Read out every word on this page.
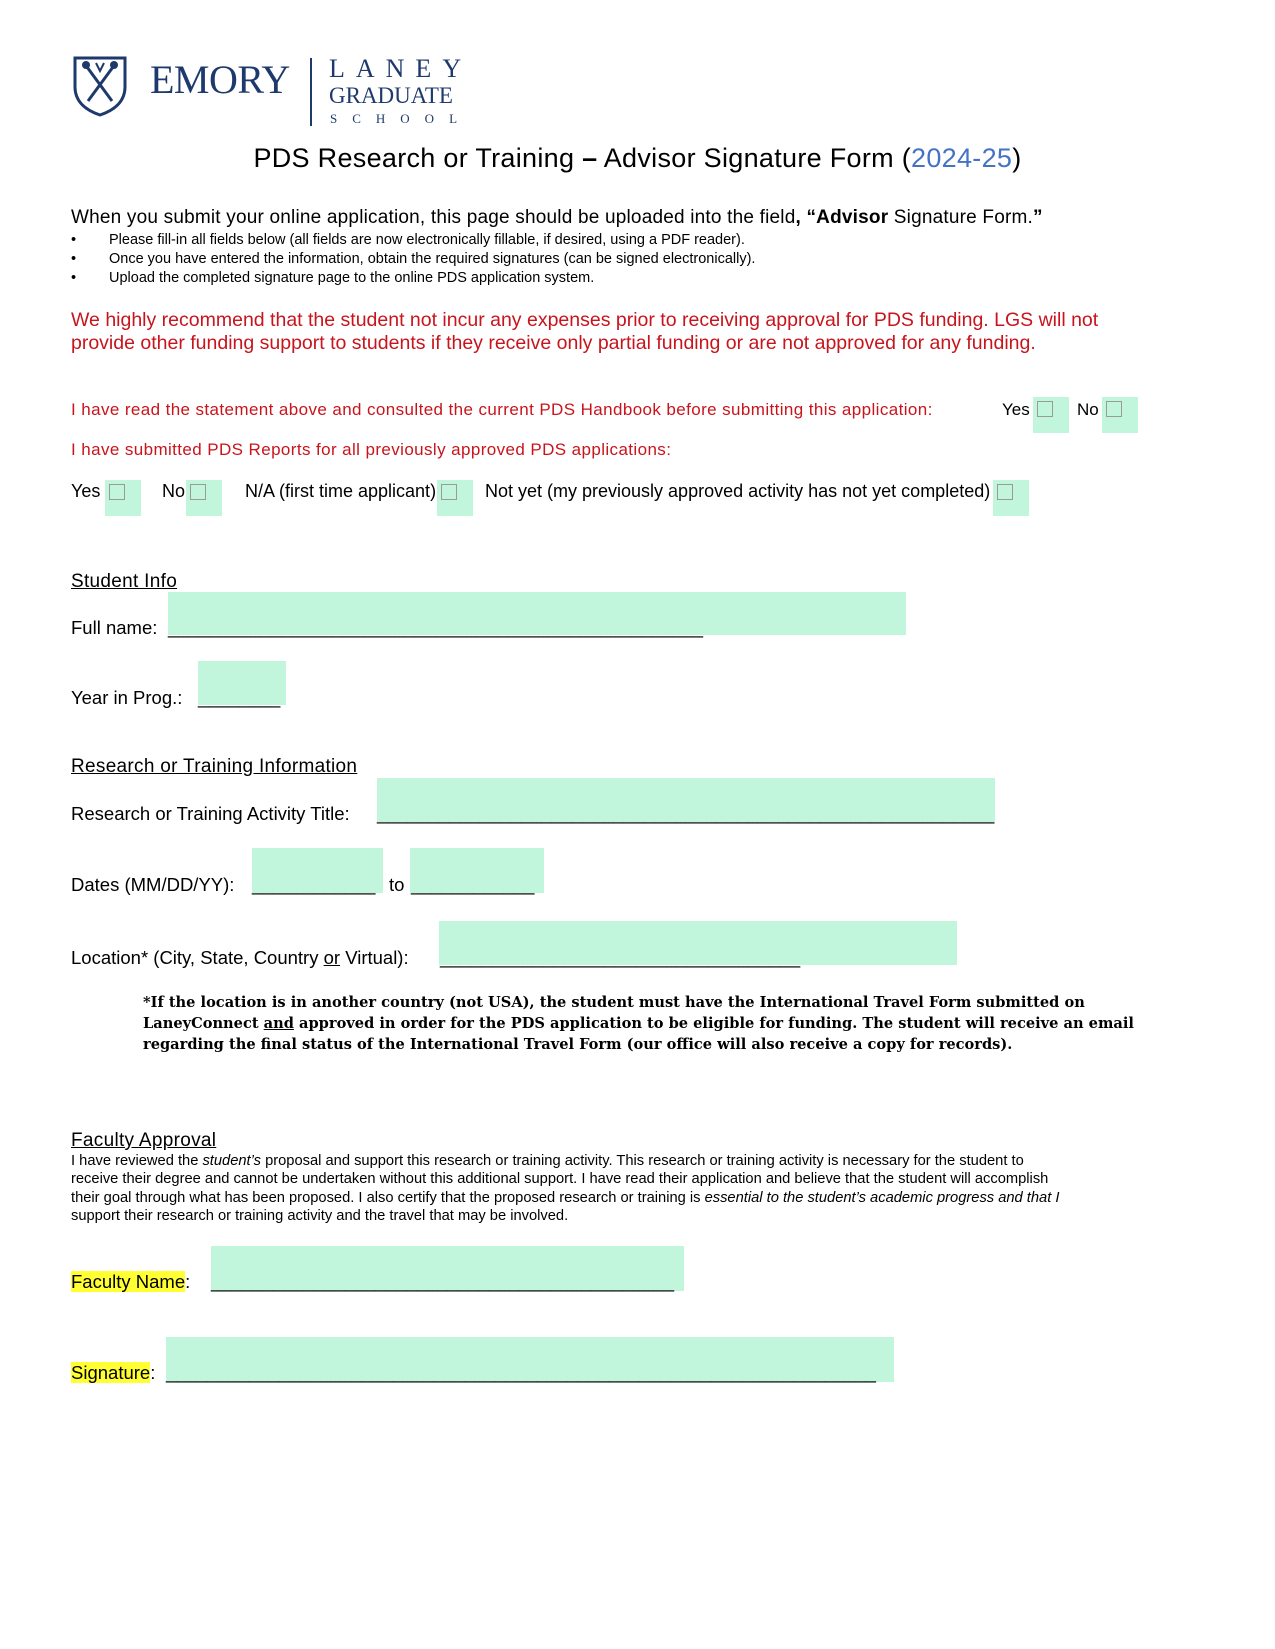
EMORY LANEY
GRADUATE
SCHOOL
PDS Research or Training – Advisor Signature Form (2024-25)
When you submit your online application, this page should be uploaded into the field, “Advisor Signature Form.”
• Please fill-in all fields below (all fields are now electronically fillable, if desired, using a PDF reader).
• Once you have entered the information, obtain the required signatures (can be signed electronically).
• Upload the completed signature page to the online PDS application system.
We highly recommend that the student not incur any expenses prior to receiving approval for PDS funding. LGS will not
provide other funding support to students if they receive only partial funding or are not approved for any funding.
I have read the statement above and consulted the current PDS Handbook before submitting this application:	Yes	No
I have submitted PDS Reports for all previously approved PDS applications:
Yes	No	N/A (first time applicant)	Not yet (my previously approved activity has not yet completed)
Student Info
Full name: ____________________________________________________
Year in Prog.: ________
Research or Training Information
Research or Training Activity Title: ____________________________________________________________
Dates (MM/DD/YY): ____________ to ____________
Location* (City, State, Country or Virtual): ___________________________________
*If the location is in another country (not USA), the student must have the International Travel Form submitted on
LaneyConnect and approved in order for the PDS application to be eligible for funding. The student will receive an email
regarding the final status of the International Travel Form (our office will also receive a copy for records).
Faculty Approval
I have reviewed the student’s proposal and support this research or training activity. This research or training activity is necessary for the student to
receive their degree and cannot be undertaken without this additional support. I have read their application and believe that the student will accomplish
their goal through what has been proposed. I also certify that the proposed research or training is essential to the student’s academic progress and that I
support their research or training activity and the travel that may be involved.
Faculty Name: _____________________________________________
Signature: _____________________________________________________________________
